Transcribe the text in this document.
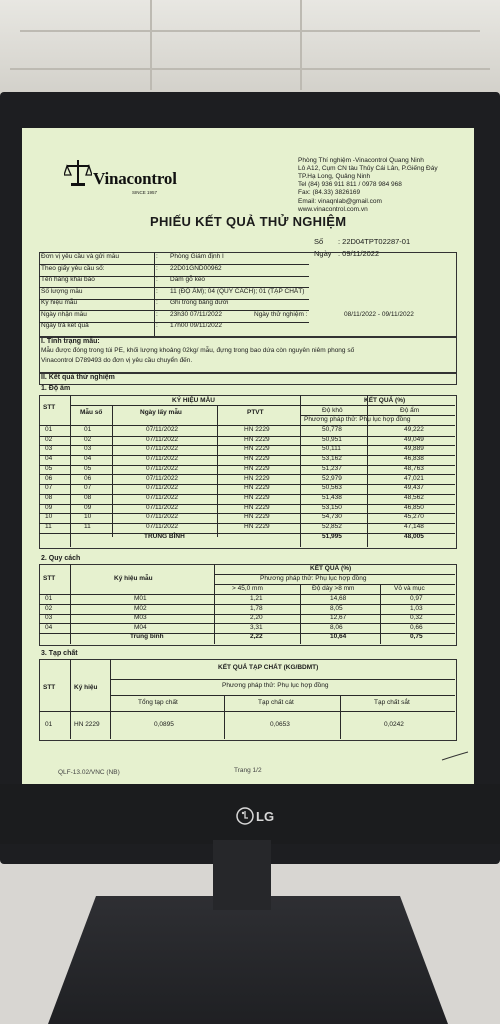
LG
Vinacontrol
SINCE 1957
Phòng Thí nghiệm -Vinacontrol Quang Ninh
Lô A12, Cụm CN tàu Thủy Cái Lân, P.Giếng Đáy
TP.Hạ Long, Quảng Ninh
Tel (84) 936 911 811 / 0978 984 968
Fax: (84.33) 3826169
Email: vinaqnlab@gmail.com
www.vinacontrol.com.vn
PHIẾU KẾT QUẢ THỬ NGHIỆM
Số : 22D04TPT02287-01
Ngày : 09/11/2022
Đơn vị yêu cầu và gửi mẫu	: Phòng Giám định I
Theo giấy yêu cầu số:	: 22D01GND00962
Tên hàng khai báo	: Dăm gỗ keo
Số lượng mẫu	: 11 (ĐỘ ẨM); 04 (QUY CÁCH); 01 (TẠP CHẤT)
Ký hiệu mẫu	: Ghi trong bảng dưới
Ngày nhận mẫu	: 23h30 07/11/2022	Ngày thử nghiệm :	08/11/2022 - 09/11/2022
Ngày trả kết quả	: 17h00 09/11/2022
I. Tình trạng mẫu:
Mẫu được đóng trong túi PE, khối lượng khoảng 02kg/ mẫu, đựng trong bao dứa còn nguyên niêm phong số
Vinacontrol D789493 do đơn vị yêu cầu chuyển đến.
II. Kết quả thử nghiệm
1. Độ ẩm
STT
KÝ HIỆU MẪU
Mẫu số	Ngày lấy mẫu	PTVT
KẾT QUẢ (%)
Độ khô	Độ ẩm
Phương pháp thử: Phụ lục hợp đồng
01	01	07/11/2022	HN 2229	50,778	49,222
02	02	07/11/2022	HN 2229	50,951	49,049
03	03	07/11/2022	HN 2229	50,111	49,889
04	04	07/11/2022	HN 2229	53,162	46,838
05	05	07/11/2022	HN 2229	51,237	48,763
06	06	07/11/2022	HN 2229	52,979	47,021
07	07	07/11/2022	HN 2229	50,563	49,437
08	08	07/11/2022	HN 2229	51,438	48,562
09	09	07/11/2022	HN 2229	53,150	46,850
10	10	07/11/2022	HN 2229	54,730	45,270
11	11	07/11/2022	HN 2229	52,852	47,148
TRUNG BÌNH	51,995	48,005
2. Quy cách
STT	Ký hiệu mẫu
KẾT QUẢ (%)
Phương pháp thử: Phụ lục hợp đồng
> 45,0 mm	Độ dày >8 mm	Vỏ và mục
01	M01	1,21	14,68	0,97
02	M02	1,78	8,05	1,03
03	M03	2,20	12,67	0,32
04	M04	3,31	8,06	0,66
Trung bình	2,22	10,64	0,75
3. Tạp chất
STT	Ký hiệu
KẾT QUẢ TẠP CHẤT (KG/BDMT)
Phương pháp thử: Phụ lục hợp đồng
Tổng tạp chất	Tạp chất cát	Tạp chất sắt
01	HN 2229	0,0895	0,0653	0,0242
QLF-13.02/VNC (NB)	Trang 1/2
